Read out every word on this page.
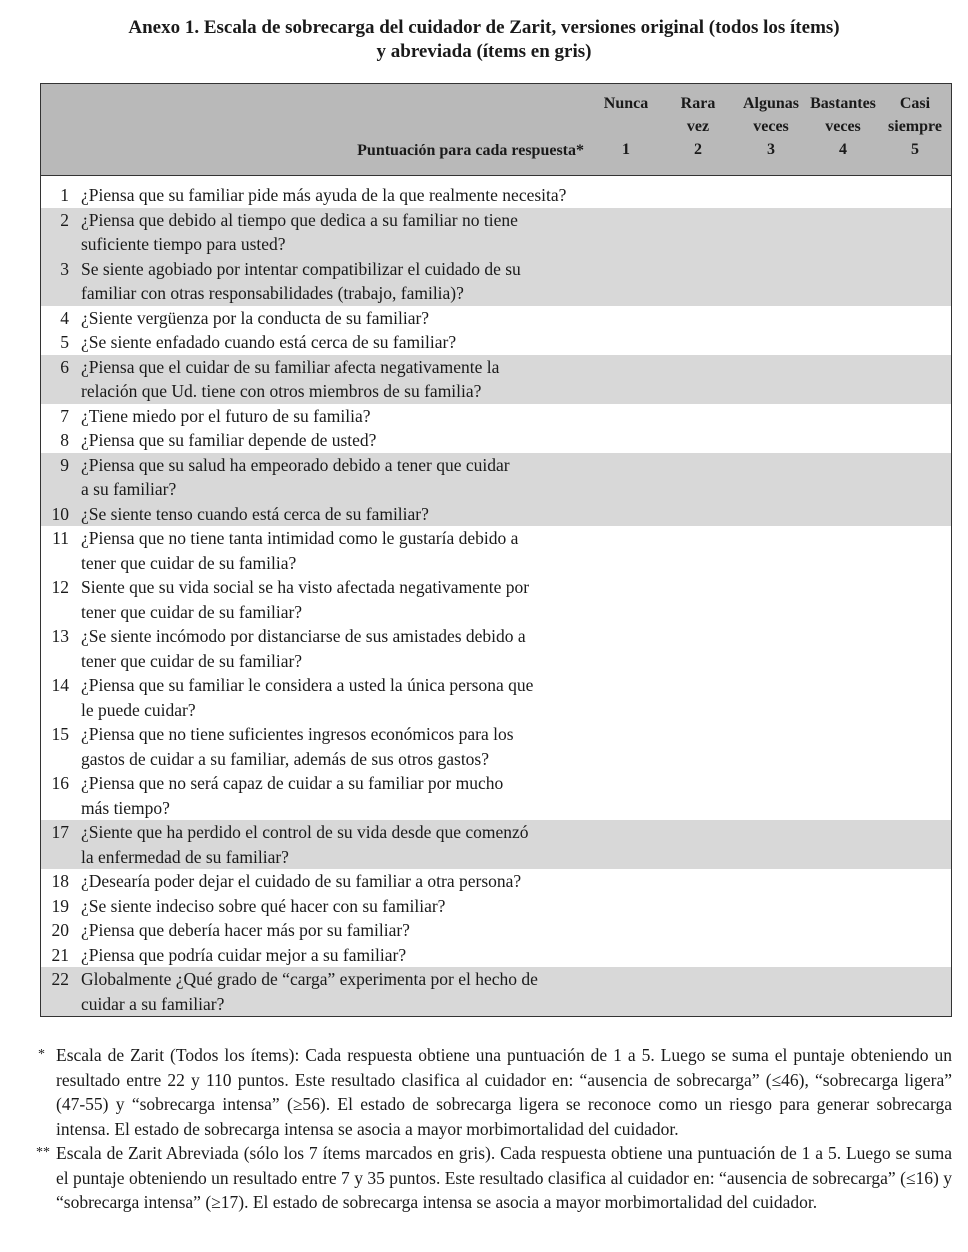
Anexo 1. Escala de sobrecarga del cuidador de Zarit, versiones original (todos los ítems)
y abreviada (ítems en gris)
Nunca
1
Rara
vez
2
Algunas
veces
3
Bastantes
veces
4
Casi
siempre
5
Puntuación para cada respuesta*
1 ¿Piensa que su familiar pide más ayuda de la que realmente necesita?
2 ¿Piensa que debido al tiempo que dedica a su familiar no tiene
suficiente tiempo para usted?
3 Se siente agobiado por intentar compatibilizar el cuidado de su
familiar con otras responsabilidades (trabajo, familia)?
4 ¿Siente vergüenza por la conducta de su familiar?
5 ¿Se siente enfadado cuando está cerca de su familiar?
6 ¿Piensa que el cuidar de su familiar afecta negativamente la
relación que Ud. tiene con otros miembros de su familia?
7 ¿Tiene miedo por el futuro de su familia?
8 ¿Piensa que su familiar depende de usted?
9 ¿Piensa que su salud ha empeorado debido a tener que cuidar
a su familiar?
10 ¿Se siente tenso cuando está cerca de su familiar?
11 ¿Piensa que no tiene tanta intimidad como le gustaría debido a
tener que cuidar de su familia?
12 Siente que su vida social se ha visto afectada negativamente por
tener que cuidar de su familiar?
13 ¿Se siente incómodo por distanciarse de sus amistades debido a
tener que cuidar de su familiar?
14 ¿Piensa que su familiar le considera a usted la única persona que
le puede cuidar?
15 ¿Piensa que no tiene suficientes ingresos económicos para los
gastos de cuidar a su familiar, además de sus otros gastos?
16 ¿Piensa que no será capaz de cuidar a su familiar por mucho
más tiempo?
17 ¿Siente que ha perdido el control de su vida desde que comenzó
la enfermedad de su familiar?
18 ¿Desearía poder dejar el cuidado de su familiar a otra persona?
19 ¿Se siente indeciso sobre qué hacer con su familiar?
20 ¿Piensa que debería hacer más por su familiar?
21 ¿Piensa que podría cuidar mejor a su familiar?
22 Globalmente ¿Qué grado de “carga” experimenta por el hecho de
cuidar a su familiar?
* Escala de Zarit (Todos los ítems): Cada respuesta obtiene una puntuación de 1 a 5. Luego se suma el puntaje obteniendo un resultado entre 22 y 110 puntos. Este resultado clasifica al cuidador en: “ausencia de sobrecarga” (≤46), “sobrecarga ligera” (47-55) y “sobrecarga intensa” (≥56). El estado de sobrecarga ligera se reconoce como un riesgo para generar sobrecarga intensa. El estado de sobrecarga intensa se asocia a mayor morbimortalidad del cuidador.
** Escala de Zarit Abreviada (sólo los 7 ítems marcados en gris). Cada respuesta obtiene una puntuación de 1 a 5. Luego se suma el puntaje obteniendo un resultado entre 7 y 35 puntos. Este resultado clasifica al cuidador en: “ausencia de sobrecarga” (≤16) y “sobrecarga intensa” (≥17). El estado de sobrecarga intensa se asocia a mayor morbimortalidad del cuidador.
